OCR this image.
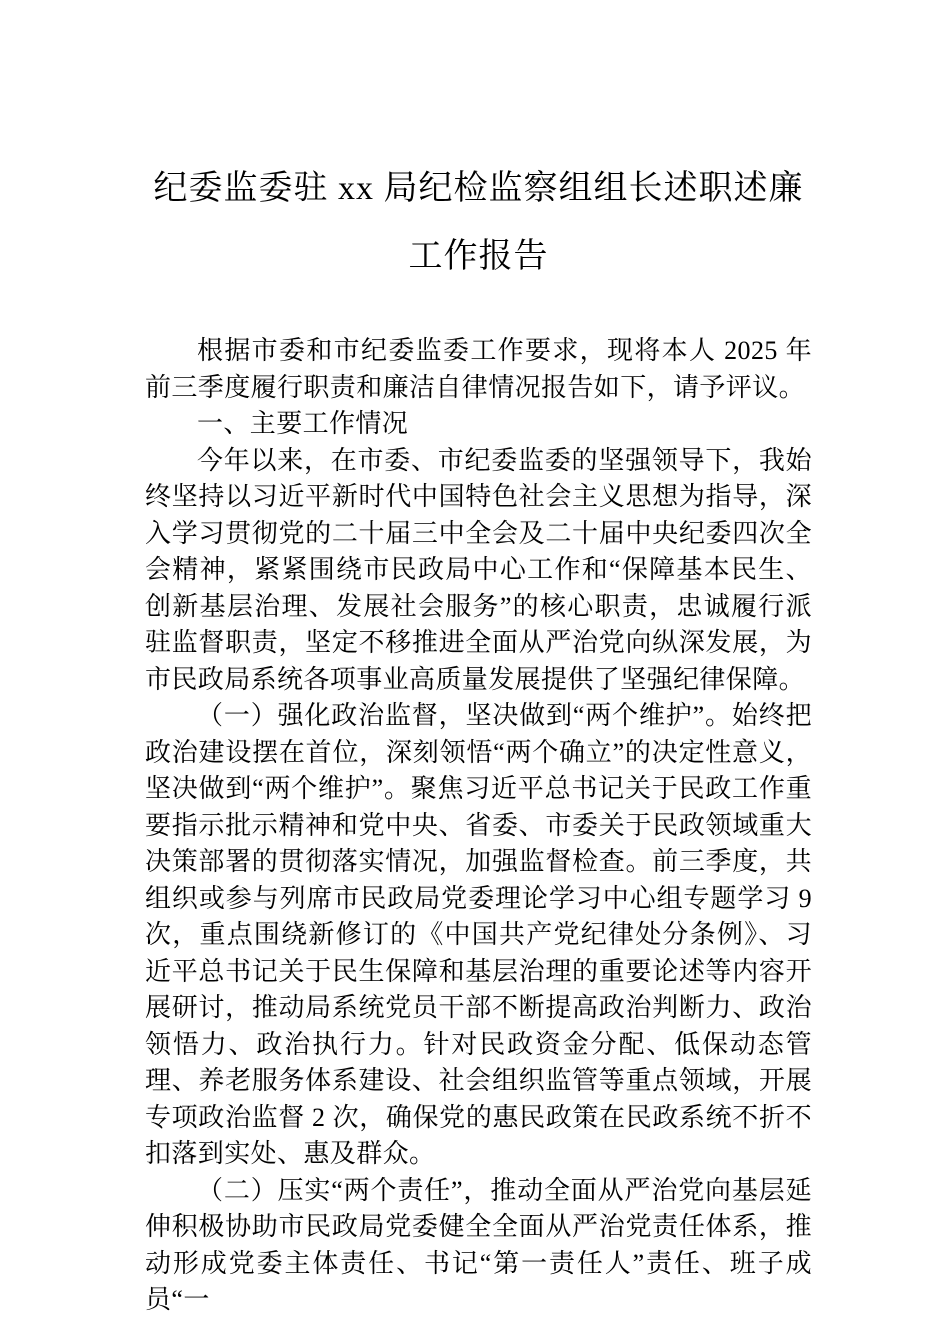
纪委监委驻 xx 局纪检监察组组长述职述廉
工作报告

根据市委和市纪委监委工作要求，现将本人 2025 年前三季度履行职责和廉洁自律情况报告如下，请予评议。

一、主要工作情况

今年以来，在市委、市纪委监委的坚强领导下，我始终坚持以习近平新时代中国特色社会主义思想为指导，深入学习贯彻党的二十届三中全会及二十届中央纪委四次全会精神，紧紧围绕市民政局中心工作和“保障基本民生、创新基层治理、发展社会服务”的核心职责，忠诚履行派驻监督职责，坚定不移推进全面从严治党向纵深发展，为市民政局系统各项事业高质量发展提供了坚强纪律保障。

（一）强化政治监督，坚决做到“两个维护”。始终把政治建设摆在首位，深刻领悟“两个确立”的决定性意义，坚决做到“两个维护”。聚焦习近平总书记关于民政工作重要指示批示精神和党中央、省委、市委关于民政领域重大决策部署的贯彻落实情况，加强监督检查。前三季度，共组织或参与列席市民政局党委理论学习中心组专题学习 9 次，重点围绕新修订的《中国共产党纪律处分条例》、习近平总书记关于民生保障和基层治理的重要论述等内容开展研讨，推动局系统党员干部不断提高政治判断力、政治领悟力、政治执行力。针对民政资金分配、低保动态管理、养老服务体系建设、社会组织监管等重点领域，开展专项政治监督 2 次，确保党的惠民政策在民政系统不折不扣落到实处、惠及群众。

（二）压实“两个责任”，推动全面从严治党向基层延伸积极协助市民政局党委健全全面从严治党责任体系，推动形成党委主体责任、书记“第一责任人”责任、班子成员“一
